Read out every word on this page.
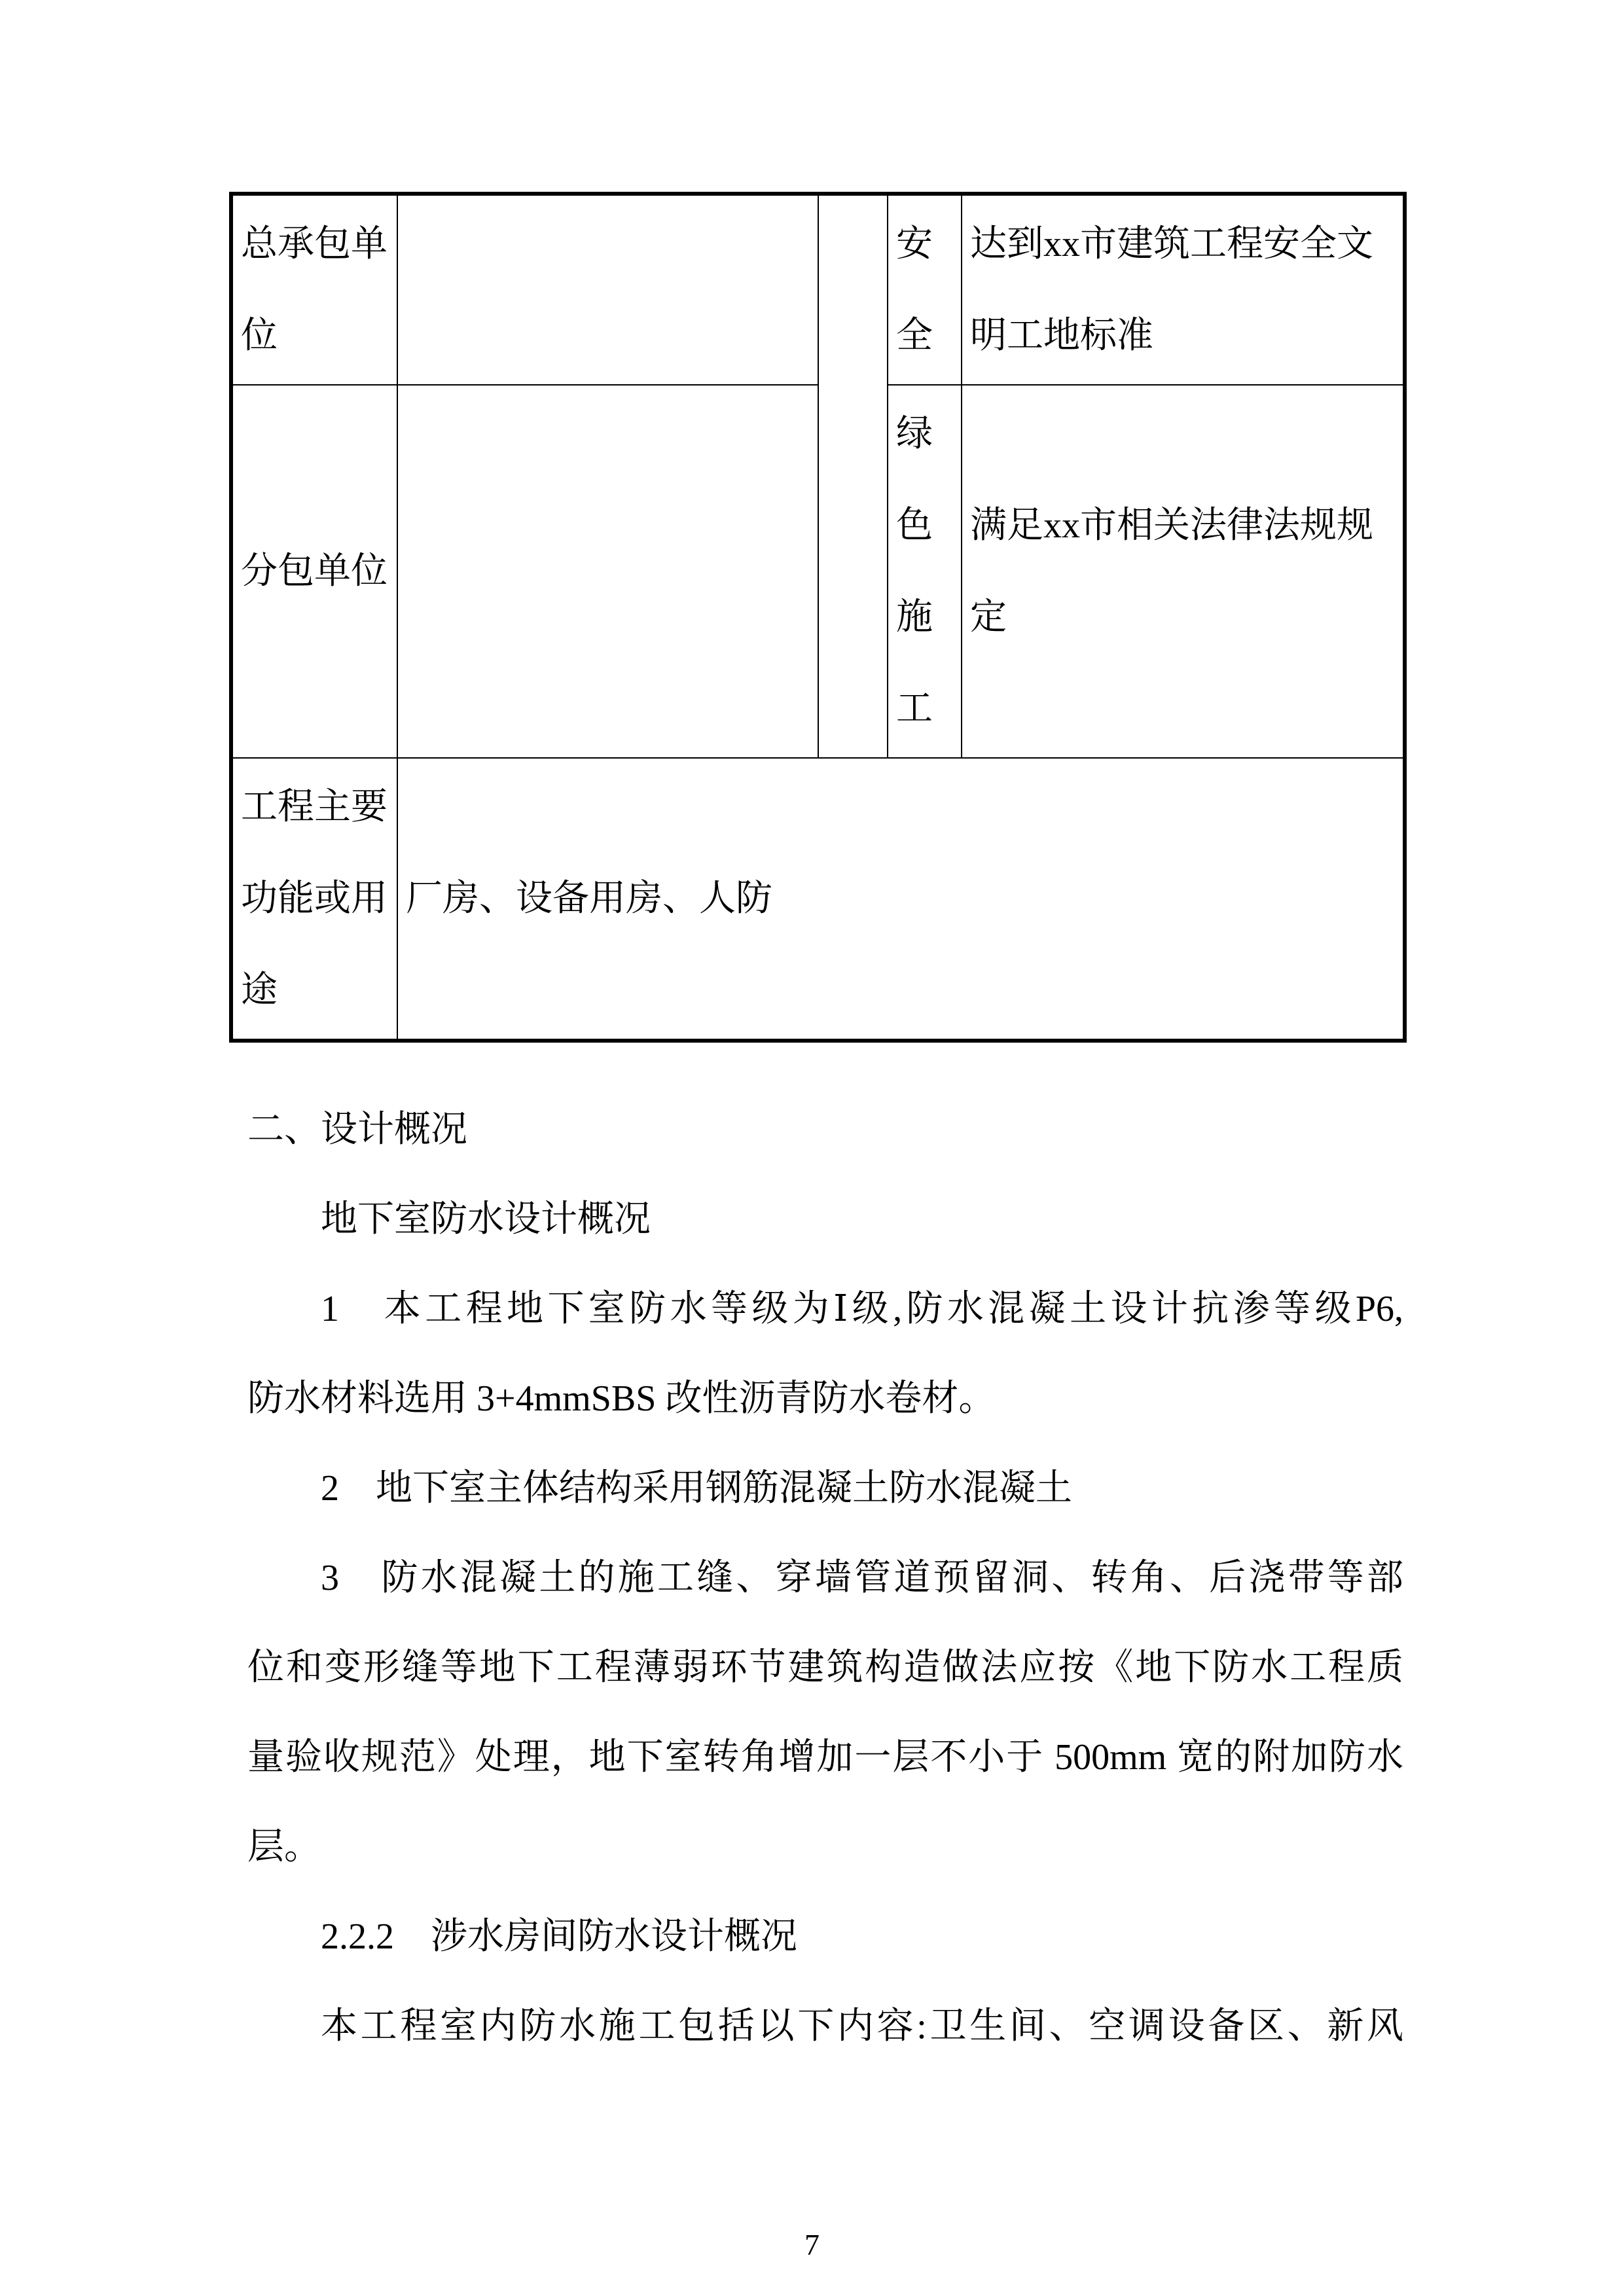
总承包单位			安全	达到xx市建筑工程安全文明工地标准
分包单位			绿色施工	满足xx市相关法律法规规定
工程主要功能或用途	厂房、设备用房、人防			
二、设计概况
地下室防水设计概况
1　本工程地下室防水等级为Ⅰ级,防水混凝土设计抗渗等级P6,
防水材料选用 3+4mmSBS 改性沥青防水卷材。
2　地下室主体结构采用钢筋混凝土防水混凝土
3　防水混凝土的施工缝、穿墙管道预留洞、转角、后浇带等部
位和变形缝等地下工程薄弱环节建筑构造做法应按《地下防水工程质
量验收规范》处理，地下室转角增加一层不小于 500mm 宽的附加防水
层。
2.2.2　涉水房间防水设计概况
本工程室内防水施工包括以下内容:卫生间、空调设备区、新风
7
